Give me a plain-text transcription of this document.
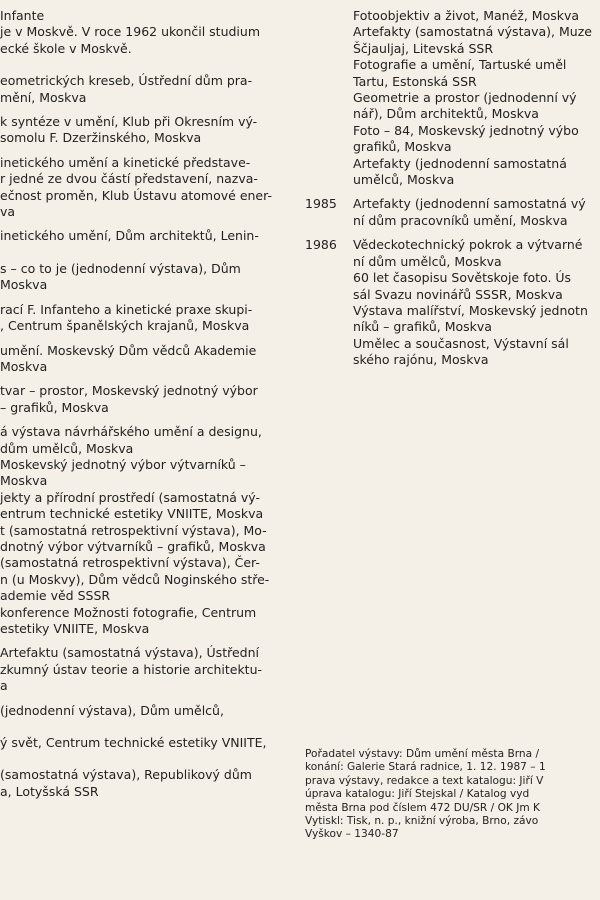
Infante
je v Moskvě. V roce 1962 ukončil studium
ecké škole v Moskvě.
eometrických kreseb, Ústřední dům pra-
mění, Moskva
k syntéze v umění, Klub při Okresním vý-
somolu F. Dzeržinského, Moskva
inetického umění a kinetické představe-
r jedné ze dvou částí představení, nazva-
ečnost proměn, Klub Ústavu atomové ener-
va
inetického umění, Dům architektů, Lenin-
s – co to je (jednodenní výstava), Dům
Moskva
rací F. Infanteho a kinetické praxe skupi-
, Centrum španělských krajanů, Moskva
umění. Moskevský Dům vědců Akademie
Moskva
tvar – prostor, Moskevský jednotný výbor
– grafiků, Moskva
á výstava návrhářského umění a designu,
dům umělců, Moskva
Moskevský jednotný výbor výtvarníků –
Moskva
jekty a přírodní prostředí (samostatná vý-
entrum technické estetiky VNIITE, Moskva
t (samostatná retrospektivní výstava), Mo-
dnotný výbor výtvarníků – grafiků, Moskva
(samostatná retrospektivní výstava), Čer-
n (u Moskvy), Dům vědců Noginského stře-
ademie věd SSSR
konference Možnosti fotografie, Centrum
estetiky VNIITE, Moskva
Artefaktu (samostatná výstava), Ústřední
zkumný ústav teorie a historie architektu-
a
(jednodenní výstava), Dům umělců,
ý svět, Centrum technické estetiky VNIITE,
(samostatná výstava), Republikový dům
a, Lotyšská SSR
Fotoobjektiv a život, Manéž, Moskva
Artefakty (samostatná výstava), Muze
Ščjauljaj, Litevská SSR
Fotografie a umění, Tartuské uměl
Tartu, Estonská SSR
Geometrie a prostor (jednodenní vý
nář), Dům architektů, Moskva
Foto – 84, Moskevský jednotný výbo
grafiků, Moskva
Artefakty (jednodenní samostatná
umělců, Moskva
1985	Artefakty (jednodenní samostatná vý
ní dům pracovníků umění, Moskva
1986	Vědeckotechnický pokrok a výtvarné
ní dům umělců, Moskva
60 let časopisu Sovětskoje foto. Ús
sál Svazu novinářů SSSR, Moskva
Výstava malířství, Moskevský jednotn
níků – grafiků, Moskva
Umělec a současnost, Výstavní sál
ského rajónu, Moskva
Pořadatel výstavy: Dům umění města Brna /
konání: Galerie Stará radnice, 1. 12. 1987 – 1
prava výstavy, redakce a text katalogu: Jiří V
úprava katalogu: Jiří Stejskal / Katalog vyd
města Brna pod číslem 472 DU/SR / OK Jm K
Vytiskl: Tisk, n. p., knižní výroba, Brno, závo
Vyškov – 1340-87
